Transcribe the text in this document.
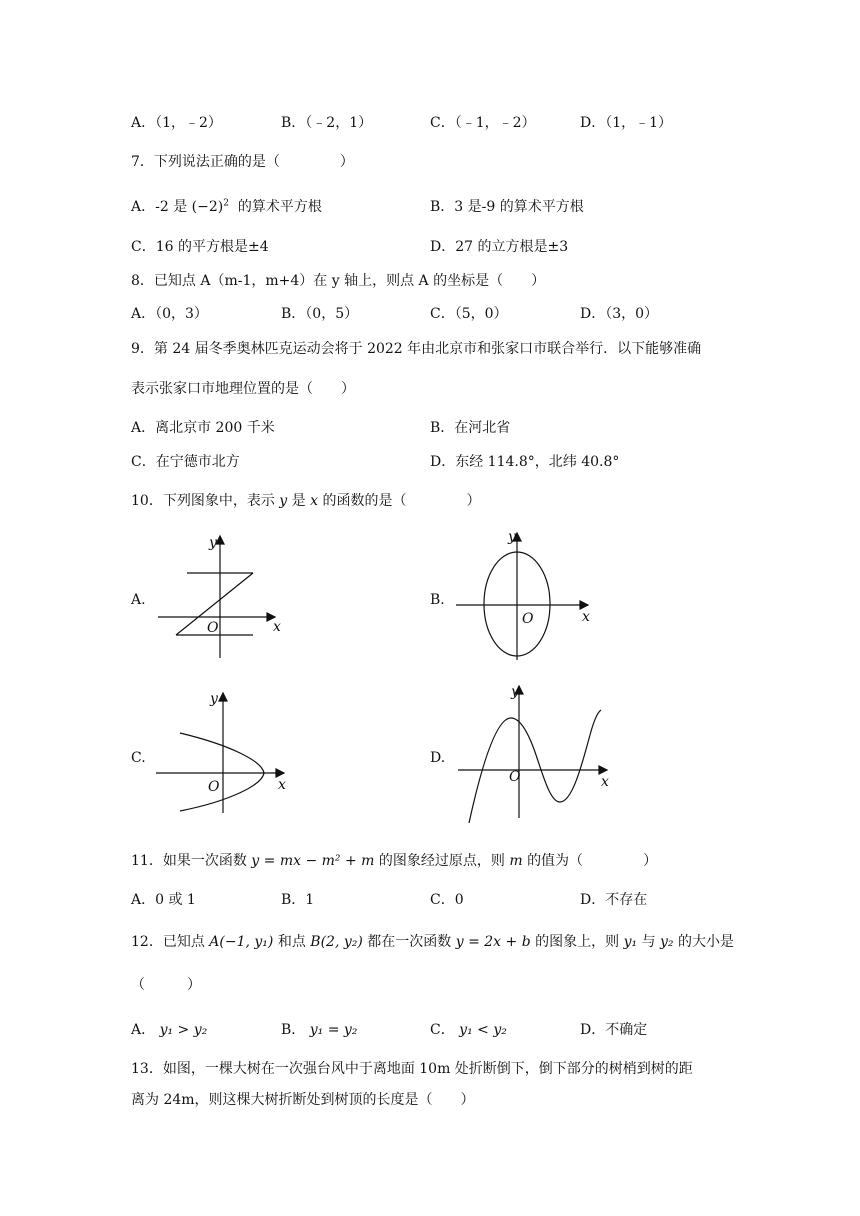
A．（1，﹣2）	B．（﹣2，1）	C．（﹣1，﹣2）	D．（1，﹣1）
7．下列说法正确的是（	）
A．-2 是 $(-2)^2$ 的算术平方根	B．3 是-9 的算术平方根
C．16 的平方根是±4	D．27 的立方根是±3
8．已知点 A（m-1，m+4）在 y 轴上，则点 A 的坐标是（　　）
A．（0，3）	B．（0，5）	C．（5，0）	D．（3，0）
9．第 24 届冬季奥林匹克运动会将于 2022 年由北京市和张家口市联合举行．以下能够准确
表示张家口市地理位置的是（　　）
A．离北京市 200 千米	B．在河北省
C．在宁德市北方	D．东经 114.8°，北纬 40.8°
10．下列图象中，表示 y 是 x 的函数的是（	）
A.	B.
C.	D.
y
x
O
y
x
O
y
x
O
y
x
O
11．如果一次函数 y = mx − m² + m 的图象经过原点，则 m 的值为（	）
A．0 或 1	B．1	C．0	D．不存在
12．已知点 A(−1, y₁) 和点 B(2, y₂) 都在一次函数 y = 2x + b 的图象上，则 y₁ 与 y₂ 的大小是
（　　　）
A． y₁ > y₂	B． y₁ = y₂	C． y₁ < y₂	D．不确定
13．如图，一棵大树在一次强台风中于离地面 10m 处折断倒下，倒下部分的树梢到树的距
离为 24m，则这棵大树折断处到树顶的长度是（　　）
